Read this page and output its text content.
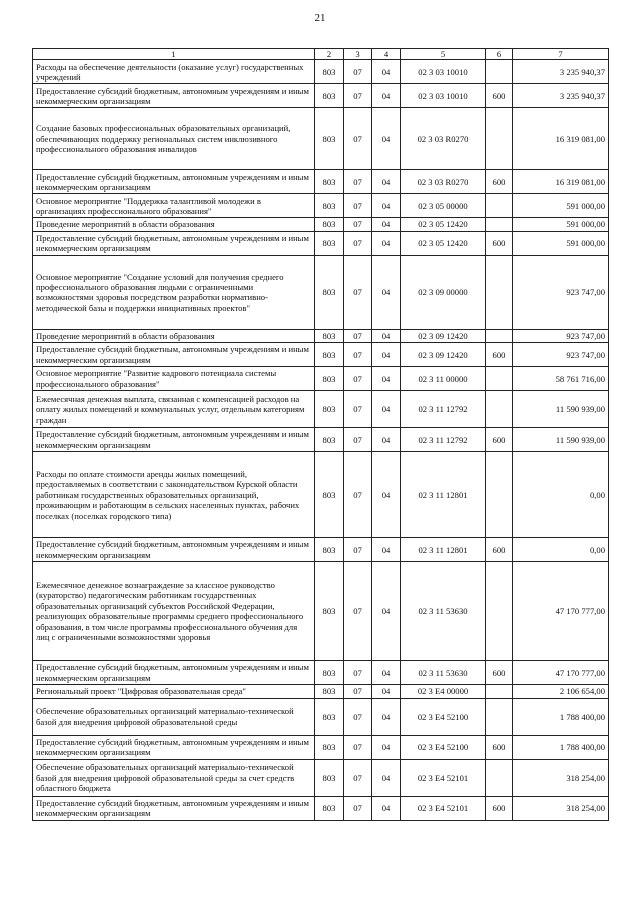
21
1	2	3	4	5	6	7
Расходы на обеспечение деятельности (оказание услуг) государственных учреждений	803	07	04	02 3 03 10010		3 235 940,37
Предоставление субсидий бюджетным, автономным учреждениям и иным некоммерческим организациям	803	07	04	02 3 03 10010	600	3 235 940,37
Создание базовых профессиональных образовательных организаций, обеспечивающих поддержку региональных систем инклюзивного профессионального образования инвалидов	803	07	04	02 3 03 R0270		16 319 081,00
Предоставление субсидий бюджетным, автономным учреждениям и иным некоммерческим организациям	803	07	04	02 3 03 R0270	600	16 319 081,00
Основное мероприятие "Поддержка талантливой молодежи в организациях профессионального образования"	803	07	04	02 3 05 00000		591 000,00
Проведение мероприятий в области образования	803	07	04	02 3 05 12420		591 000,00
Предоставление субсидий бюджетным, автономным учреждениям и иным некоммерческим организациям	803	07	04	02 3 05 12420	600	591 000,00
Основное мероприятие "Создание условий для получения среднего профессионального образования людьми с ограниченными возможностями здоровья посредством разработки нормативно-методической базы и поддержки инициативных проектов"	803	07	04	02 3 09 00000		923 747,00
Проведение мероприятий в области образования	803	07	04	02 3 09 12420		923 747,00
Предоставление субсидий бюджетным, автономным учреждениям и иным некоммерческим организациям	803	07	04	02 3 09 12420	600	923 747,00
Основное мероприятие "Развитие кадрового потенциала системы профессионального образования"	803	07	04	02 3 11 00000		58 761 716,00
Ежемесячная денежная выплата, связанная с компенсацией расходов на оплату жилых помещений и коммунальных услуг, отдельным категориям граждан	803	07	04	02 3 11 12792		11 590 939,00
Предоставление субсидий бюджетным, автономным учреждениям и иным некоммерческим организациям	803	07	04	02 3 11 12792	600	11 590 939,00
Расходы по оплате стоимости аренды жилых помещений, предоставляемых в соответствии с законодательством Курской области работникам государственных образовательных организаций, проживающим и работающим в сельских населенных пунктах, рабочих поселках (поселках городского типа)	803	07	04	02 3 11 12801		0,00
Предоставление субсидий бюджетным, автономным учреждениям и иным некоммерческим организациям	803	07	04	02 3 11 12801	600	0,00
Ежемесячное денежное вознаграждение за классное руководство (кураторство) педагогическим работникам государственных образовательных организаций субъектов Российской Федерации, реализующих образовательные программы среднего профессионального образования, в том числе программы профессионального обучения для лиц с ограниченными возможностями здоровья	803	07	04	02 3 11 53630		47 170 777,00
Предоставление субсидий бюджетным, автономным учреждениям и иным некоммерческим организациям	803	07	04	02 3 11 53630	600	47 170 777,00
Региональный проект "Цифровая образовательная среда"	803	07	04	02 3 E4 00000		2 106 654,00
Обеспечение образовательных организаций материально-технической базой для внедрения цифровой образовательной среды	803	07	04	02 3 E4 52100		1 788 400,00
Предоставление субсидий бюджетным, автономным учреждениям и иным некоммерческим организациям	803	07	04	02 3 E4 52100	600	1 788 400,00
Обеспечение образовательных организаций материально-технической базой для внедрения цифровой образовательной среды за счет средств областного бюджета	803	07	04	02 3 E4 52101		318 254,00
Предоставление субсидий бюджетным, автономным учреждениям и иным некоммерческим организациям	803	07	04	02 3 E4 52101	600	318 254,00
